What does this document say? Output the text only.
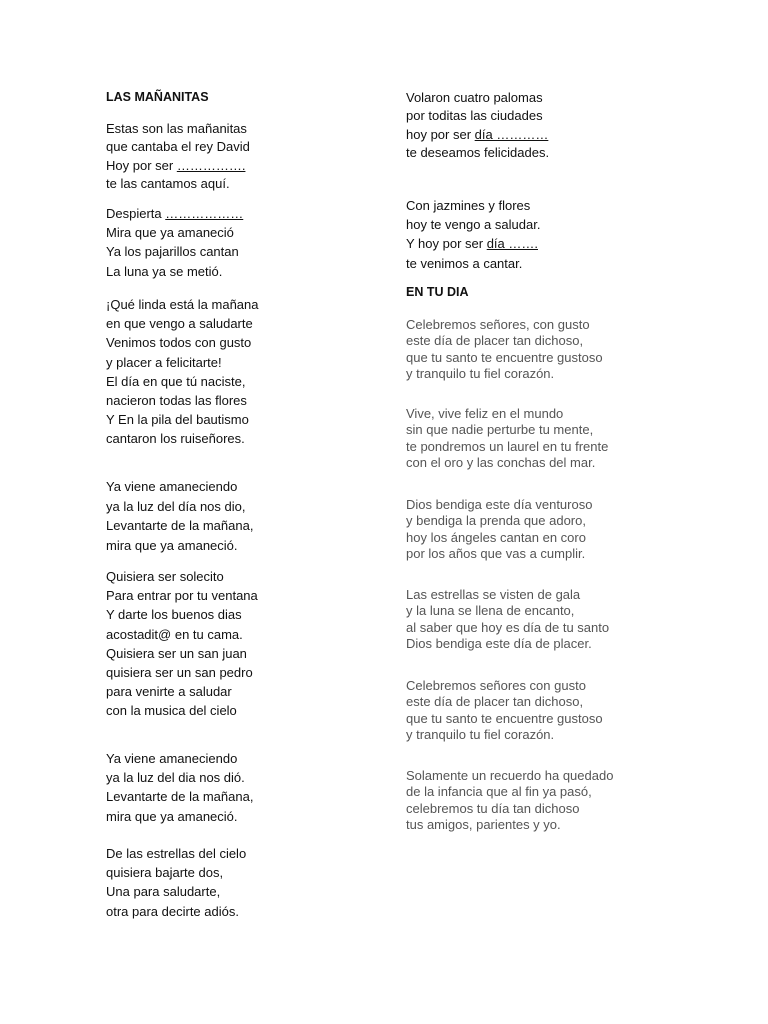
LAS MAÑANITAS
Estas son las mañanitas
que cantaba el rey David
Hoy por ser …………….
te las cantamos aquí.
Despierta ………………
Mira que ya amaneció
Ya los pajarillos cantan
La luna ya se metió.
¡Qué linda está la mañana
en que vengo a saludarte
Venimos todos con gusto
y placer a felicitarte!
El día en que tú naciste,
nacieron todas las flores
Y En la pila del bautismo
cantaron los ruiseñores.
Ya viene amaneciendo
ya la luz del día nos dio,
Levantarte de la mañana,
mira que ya amaneció.
Quisiera ser solecito
Para entrar por tu ventana
Y darte los buenos dias
acostadit@ en tu cama.
Quisiera ser un san juan
quisiera ser un san pedro
para venirte a saludar
con la musica del cielo
Ya viene amaneciendo
ya la luz del dia nos dió.
Levantarte de la mañana,
mira que ya amaneció.
De las estrellas del cielo
quisiera bajarte dos,
Una para saludarte,
otra para decirte adiós.
Volaron cuatro palomas
por toditas las ciudades
hoy por ser día …………
te deseamos felicidades.
Con jazmines y flores
hoy te vengo a saludar.
Y hoy por ser día …….
te venimos a cantar.
EN TU DIA
Celebremos señores, con gusto
este día de placer tan dichoso,
que tu santo te encuentre gustoso
y tranquilo tu fiel corazón.
Vive, vive feliz en el mundo
sin que nadie perturbe tu mente,
te pondremos un laurel en tu frente
con el oro y las conchas del mar.
Dios bendiga este día venturoso
y bendiga la prenda que adoro,
hoy los ángeles cantan en coro
por los años que vas a cumplir.
Las estrellas se visten de gala
y la luna se llena de encanto,
al saber que hoy es día de tu santo
Dios bendiga este día de placer.
Celebremos señores con gusto
este día de placer tan dichoso,
que tu santo te encuentre gustoso
y tranquilo tu fiel corazón.
Solamente un recuerdo ha quedado
de la infancia que al fin ya pasó,
celebremos tu día tan dichoso
tus amigos, parientes y yo.
